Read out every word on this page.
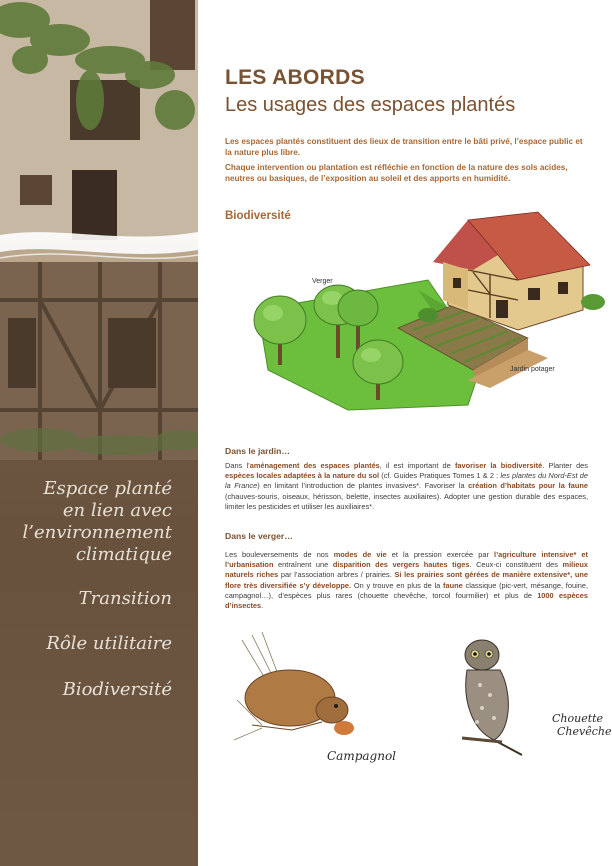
Espace planté
en lien avec
l’environnement
climatique
Transition
Rôle utilitaire
Biodiversité
LES ABORDS
Les usages des espaces plantés

Les espaces plantés constituent des lieux de transition entre le bâti privé, l’espace public et la nature plus libre.

Chaque intervention ou plantation est réfléchie en fonction de la nature des sols acides, neutres ou basiques, de l’exposition au soleil et des apports en humidité.

Biodiversité
Dans le jardin…
Dans l’aménagement des espaces plantés, il est important de favoriser la biodiversité. Planter des espèces locales adaptées à la nature du sol (cf. Guides Pratiques Tomes 1 & 2 : les plantes du Nord-Est de la France) en limitant l’introduction de plantes invasives*. Favoriser la création d’habitats pour la faune (chauves-souris, oiseaux, hérisson, belette, insectes auxiliaires). Adopter une gestion durable des espaces, limiter les pesticides et utiliser les auxiliaires*.
Dans le verger…
Les bouleversements de nos modes de vie et la pression exercée par l’agriculture intensive* et l’urbanisation entraînent une disparition des vergers hautes tiges. Ceux-ci constituent des milieux naturels riches par l’association arbres / prairies. Si les prairies sont gérées de manière extensive*, une flore très diversifiée s’y développe. On y trouve en plus de la faune classique (pic-vert, mésange, fouine, campagnol…), d’espèces plus rares (chouette chevêche, torcol fourmilier) et plus de 1000 espèces d’insectes.
Verger
Jardin potager
Campagnol
Chouette
Chevêche
